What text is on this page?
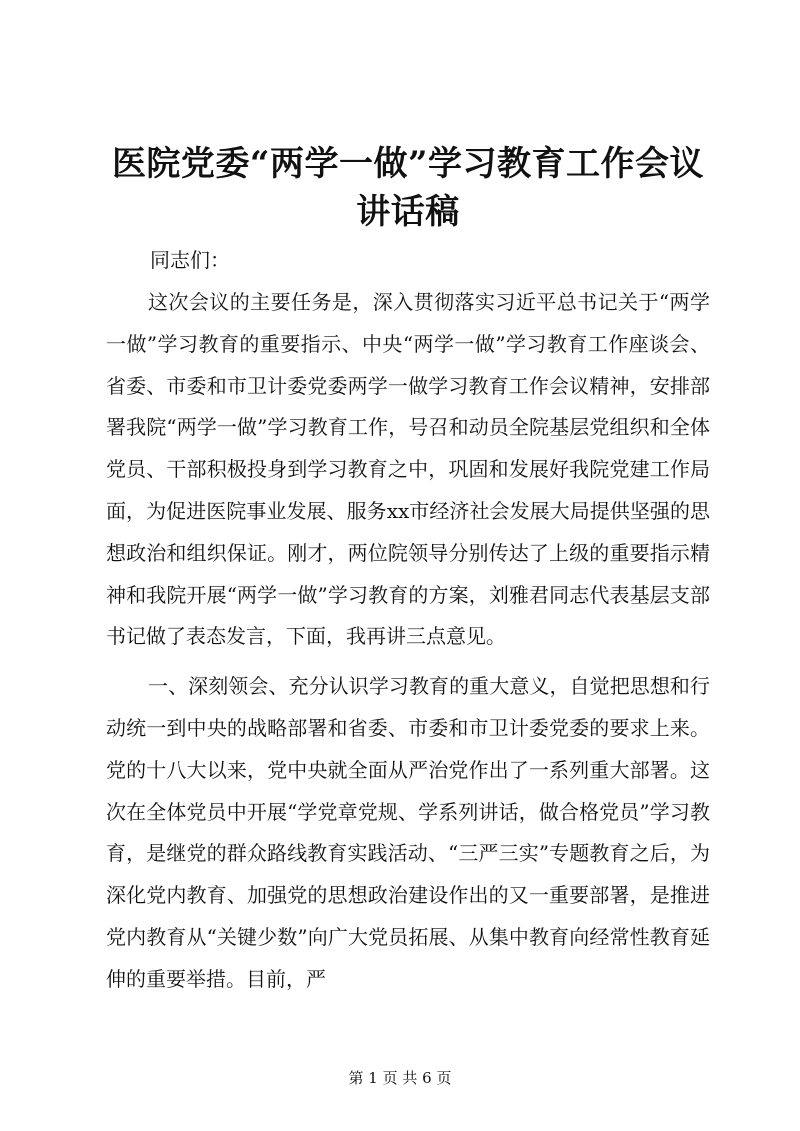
医院党委“两学一做”学习教育工作会议讲话稿

同志们：

这次会议的主要任务是，深入贯彻落实习近平总书记关于“两学一做”学习教育的重要指示、中央“两学一做”学习教育工作座谈会、省委、市委和市卫计委党委两学一做学习教育工作会议精神，安排部署我院“两学一做”学习教育工作，号召和动员全院基层党组织和全体党员、干部积极投身到学习教育之中，巩固和发展好我院党建工作局面，为促进医院事业发展、服务xx市经济社会发展大局提供坚强的思想政治和组织保证。刚才，两位院领导分别传达了上级的重要指示精神和我院开展“两学一做”学习教育的方案，刘雅君同志代表基层支部书记做了表态发言，下面，我再讲三点意见。

一、深刻领会、充分认识学习教育的重大意义，自觉把思想和行动统一到中央的战略部署和省委、市委和市卫计委党委的要求上来。党的十八大以来，党中央就全面从严治党作出了一系列重大部署。这次在全体党员中开展“学党章党规、学系列讲话，做合格党员”学习教育，是继党的群众路线教育实践活动、“三严三实”专题教育之后，为深化党内教育、加强党的思想政治建设作出的又一重要部署，是推进党内教育从“关键少数”向广大党员拓展、从集中教育向经常性教育延伸的重要举措。目前，严

第 1 页 共 6 页
